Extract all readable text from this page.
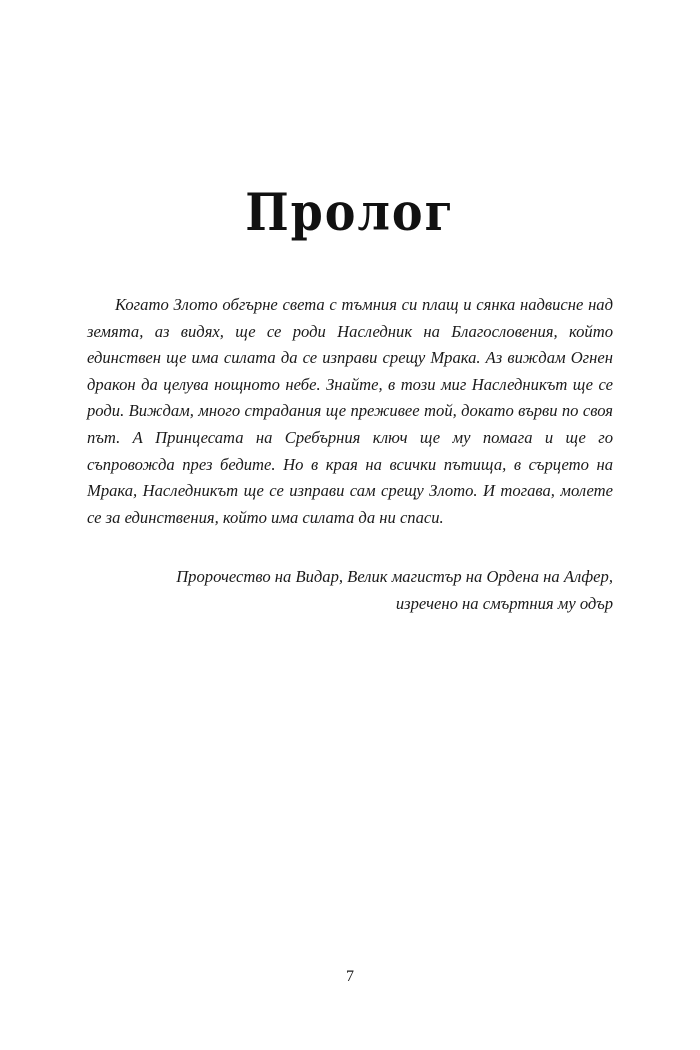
Пролог

Когато Злото обгърне света с тъмния си плащ и сянка надвисне над земята, аз видях, ще се роди Наследник на Благословения, който единствен ще има силата да се изправи срещу Мрака. Аз виждам Огнен дракон да целува нощното небе. Знайте, в този миг Наследникът ще се роди. Виждам, много страдания ще преживее той, докато върви по своя път. А Принцесата на Сребърния ключ ще му помага и ще го съпровожда през бедите. Но в края на всички пътища, в сърцето на Мрака, Наследникът ще се изправи сам срещу Злото. И тогава, молете се за единствения, който има силата да ни спаси.

Пророчество на Видар, Велик магистър на Ордена на Алфер,
изречено на смъртния му одър
7
